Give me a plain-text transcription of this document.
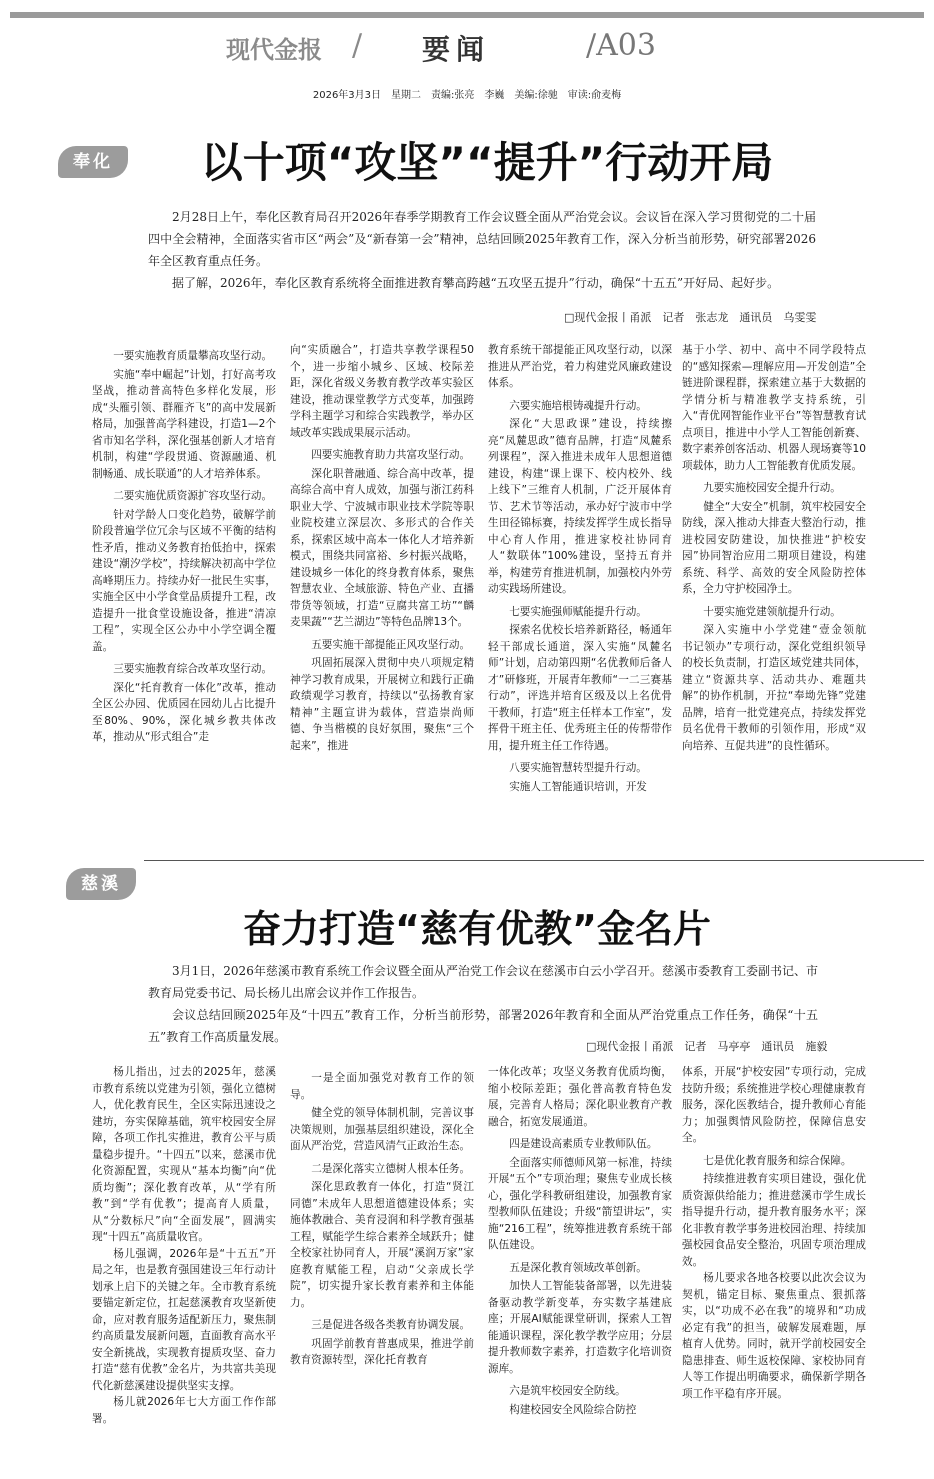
现代金报 / 要闻	/A03
2026年3月3日　星期二　责编:张亮　李巍　美编:徐驰　审读:俞麦梅
奉化	以十项“攻坚”“提升”行动开局

2月28日上午，奉化区教育局召开2026年春季学期教育工作会议暨全面从严治党会议。会议旨在深入学习贯彻党的二十届四中全会精神，全面落实省市区“两会”及“新春第一会”精神，总结回顾2025年教育工作，深入分析当前形势，研究部署2026年全区教育重点任务。

据了解，2026年，奉化区教育系统将全面推进教育攀高跨越“五攻坚五提升”行动，确保“十五五”开好局、起好步。

□现代金报丨甬派　记者　张志龙　通讯员　乌雯雯

一要实施教育质量攀高攻坚行动。

实施“奉中崛起”计划，打好高考攻坚战，推动普高特色多样化发展，形成“头雁引领、群雁齐飞”的高中发展新格局，加强普高学科建设，打造1—2个省市知名学科，深化强基创新人才培育机制，构建“学段贯通、资源融通、机制畅通、成长联通”的人才培养体系。

二要实施优质资源扩容攻坚行动。

针对学龄人口变化趋势，破解学前阶段普遍学位冗余与区域不平衡的结构性矛盾，推动义务教育抬低抬中，探索建设“潮汐学校”，持续解决初高中学位高峰期压力。持续办好一批民生实事，实施全区中小学食堂品质提升工程，改造提升一批食堂设施设备，推进“清凉工程”，实现全区公办中小学空调全覆盖。

三要实施教育综合改革攻坚行动。

深化“托育教育一体化”改革，推动全区公办园、优质园在园幼儿占比提升至80%、90%，深化城乡教共体改革，推动从“形式组合”走

向“实质融合”，打造共享教学课程50个，进一步缩小城乡、区域、校际差距，深化省级义务教育教学改革实验区建设，推动课堂教学方式变革，加强跨学科主题学习和综合实践教学，举办区域改革实践成果展示活动。

四要实施教育助力共富攻坚行动。

深化职普融通、综合高中改革，提高综合高中育人成效，加强与浙江药科职业大学、宁波城市职业技术学院等职业院校建立深层次、多形式的合作关系，探索区域中高本一体化人才培养新模式，围绕共同富裕、乡村振兴战略，建设城乡一体化的终身教育体系，聚焦智慧农业、全域旅游、特色产业、直播带货等领域，打造“豆腐共富工坊”“麟麦果蔬”“艺兰湖边”等特色品牌13个。

五要实施干部提能正风攻坚行动。

巩固拓展深入贯彻中央八项规定精神学习教育成果，开展树立和践行正确政绩观学习教育，持续以“弘扬教育家精神”主题宣讲为载体，营造崇尚师德、争当楷模的良好氛围，聚焦“三个起来”，推进

教育系统干部提能正风攻坚行动，以深推进从严治党，着力构建党风廉政建设体系。

六要实施培根铸魂提升行动。

深化“大思政课”建设，持续擦亮“凤麓思政”德育品牌，打造“凤麓系列课程”，深入推进未成年人思想道德建设，构建“课上课下、校内校外、线上线下”三维育人机制，广泛开展体育节、艺术节等活动，承办好宁波市中学生田径锦标赛，持续发挥学生成长指导中心育人作用，推进家校社协同育人“数联体”100%建设，坚持五育并举，构建劳育推进机制，加强校内外劳动实践场所建设。

七要实施强师赋能提升行动。

探索名优校长培养新路径，畅通年轻干部成长通道，深入实施“凤麓名师”计划，启动第四期“名优教师后备人才”研修班，开展青年教师“一二三赛基行动”，评选并培育区级及以上名优骨干教师，打造“班主任样本工作室”，发挥骨干班主任、优秀班主任的传帮带作用，提升班主任工作待遇。

八要实施智慧转型提升行动。

实施人工智能通识培训，开发

基于小学、初中、高中不同学段特点的“感知探索—理解应用—开发创造”全链进阶课程群，探索建立基于大数据的学情分析与精准教学支持系统，引入“青优网智能作业平台”等智慧教育试点项目，推进中小学人工智能创新赛、数字素养创客活动、机器人现场赛等10项载体，助力人工智能教育优质发展。

九要实施校园安全提升行动。

健全“大安全”机制，筑牢校园安全防线，深入推动大排查大整治行动，推进校园安防建设，加快推进“护校安园”协同智治应用二期项目建设，构建系统、科学、高效的安全风险防控体系，全力守护校园净土。

十要实施党建领航提升行动。

深入实施中小学党建“壹金领航　书记领办”专项行动，深化党组织领导的校长负责制，打造区域党建共同体，建立“资源共享、活动共办、难题共解”的协作机制，开拉“奉坳先锋”党建品牌，培育一批党建亮点，持续发挥党员名优骨干教师的引领作用，形成“双向培养、互促共进”的良性循环。

慈溪
奋力打造“慈有优教”金名片

3月1日，2026年慈溪市教育系统工作会议暨全面从严治党工作会议在慈溪市白云小学召开。慈溪市委教育工委副书记、市教育局党委书记、局长杨儿出席会议并作工作报告。

会议总结回顾2025年及“十四五”教育工作，分析当前形势，部署2026年教育和全面从严治党重点工作任务，确保“十五五”教育工作高质量发展。

□现代金报丨甬派　记者　马亭亭　通讯员　施毅

杨儿指出，过去的2025年，慈溪市教育系统以党建为引领，强化立德树人，优化教育民生，全区实际迅速设之建坊，夯实保障基础，筑牢校园安全屏障，各项工作扎实推进，教育公平与质量稳步提升。“十四五”以来，慈溪市优化资源配置，实现从“基本均衡”向“优质均衡”；深化教育改革，从“学有所教”到“学有优教”；提高育人质量，从“分数标尺”向“全面发展”，圆满实现“十四五”高质量收官。

杨儿强调，2026年是“十五五”开局之年，也是教育强国建设三年行动计划承上启下的关键之年。全市教育系统要锚定新定位，扛起慈溪教育攻坚新使命，应对教育服务适配新压力，聚焦制约高质量发展新问题，直面教育高水平安全新挑战，实现教育提质攻坚、奋力打造“慈有优教”金名片，为共富共美现代化新慈溪建设提供坚实支撑。

杨儿就2026年七大方面工作作部署。

一是全面加强党对教育工作的领导。

健全党的领导体制机制，完善议事决策规则，加强基层组织建设，深化全面从严治党，营造风清气正政治生态。

二是深化落实立德树人根本任务。

深化思政教育一体化，打造“贤江同德”未成年人思想道德建设体系；实施体教融合、美育浸润和科学教育强基工程，赋能学生综合素养全域跃升；健全校家社协同育人，开展“溪润万家”家庭教育赋能工程，启动“父亲成长学院”，切实提升家长教育素养和主体能力。

三是促进各级各类教育协调发展。

巩固学前教育普惠成果，推进学前教育资源转型，深化托育教育

一体化改革；攻坚义务教育优质均衡，缩小校际差距；强化普高教育特色发展，完善育人格局；深化职业教育产教融合，拓宽发展通道。

四是建设高素质专业教师队伍。

全面落实师德师风第一标准，持续开展“五个”专项治理；聚焦专业成长核心，强化学科教研组建设，加强教育家型教师队伍建设；升级“箭望讲坛”，实施“216工程”，统筹推进教育系统干部队伍建设。

五是深化教育领域改革创新。

加快人工智能装备部署，以先进装备驱动教学新变革，夯实数字基建底座；开展AI赋能课堂研训，探索人工智能通识课程，深化教学教学应用；分层提升教师数字素养，打造数字化培训资源库。

六是筑牢校园安全防线。

构建校园安全风险综合防控

体系，开展“护校安园”专项行动，完成技防升级；系统推进学校心理健康教育服务，深化医教结合，提升教师心育能力；加强舆情风险防控，保障信息安全。

七是优化教育服务和综合保障。

持续推进教育实项目建设，强化优质资源供给能力；推进慈溪市学生成长指导提升行动，提升教育服务水平；深化非教育教学事务进校园治理、持续加强校园食品安全整治，巩固专项治理成效。

杨儿要求各地各校要以此次会议为契机，锚定目标、聚焦重点、狠抓落实，以“功成不必在我”的境界和“功成必定有我”的担当，破解发展难题，厚植育人优势。同时，就开学前校园安全隐患排查、师生返校保障、家校协同育人等工作提出明确要求，确保新学期各项工作平稳有序开展。
